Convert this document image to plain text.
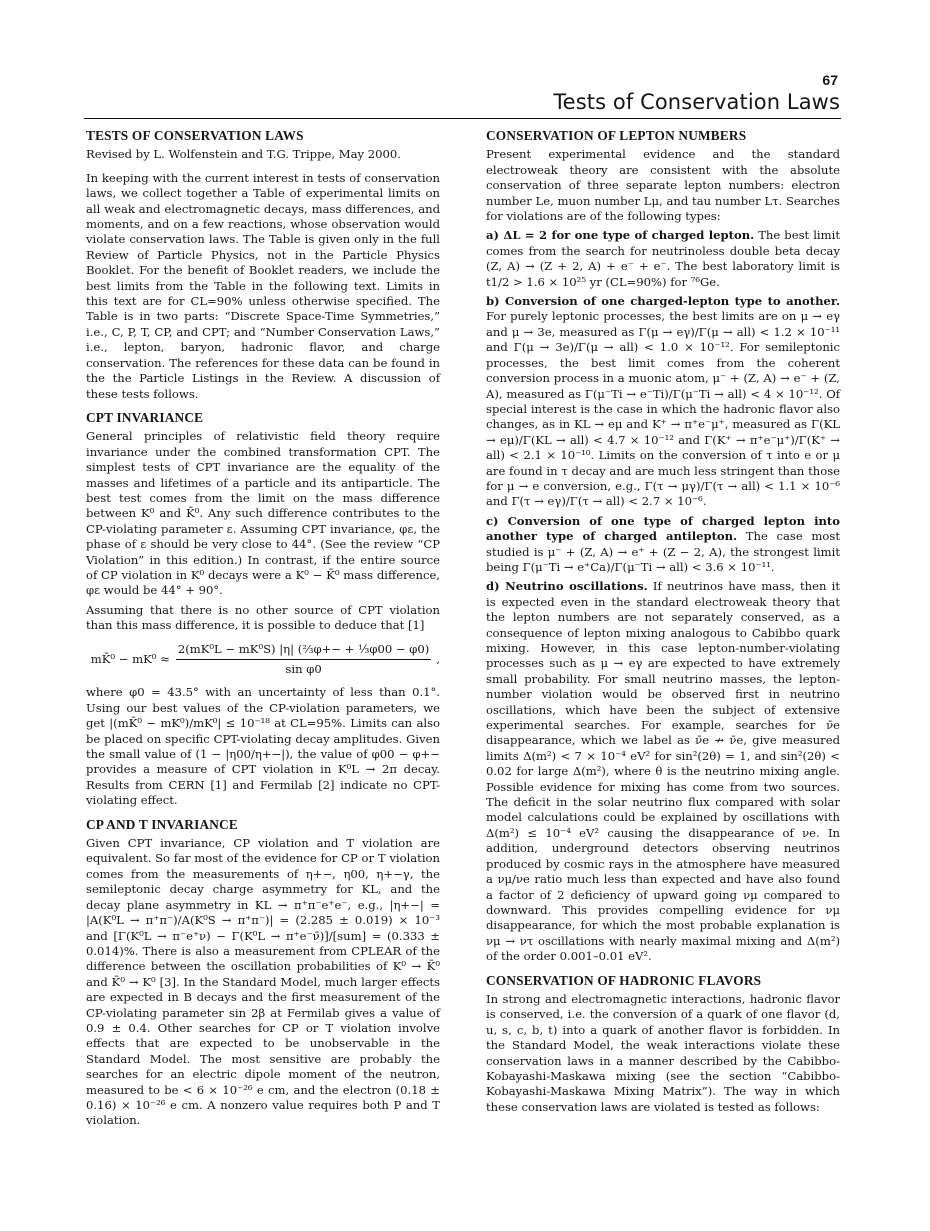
67
Tests of Conservation Laws
TESTS OF CONSERVATION LAWS

Revised by L. Wolfenstein and T.G. Trippe, May 2000.

In keeping with the current interest in tests of conservation laws, we collect together a Table of experimental limits on all weak and electromagnetic decays, mass differences, and moments, and on a few reactions, whose observation would violate conservation laws. The Table is given only in the full Review of Particle Physics, not in the Particle Physics Booklet. For the benefit of Booklet readers, we include the best limits from the Table in the following text. Limits in this text are for CL=90% unless otherwise specified. The Table is in two parts: “Discrete Space-Time Symmetries,” i.e., C, P, T, CP, and CPT; and “Number Conservation Laws,” i.e., lepton, baryon, hadronic flavor, and charge conservation. The references for these data can be found in the the Particle Listings in the Review. A discussion of these tests follows.

CPT INVARIANCE

General principles of relativistic field theory require invariance under the combined transformation CPT. The simplest tests of CPT invariance are the equality of the masses and lifetimes of a particle and its antiparticle. The best test comes from the limit on the mass difference between K⁰ and K̄⁰. Any such difference contributes to the CP-violating parameter ε. Assuming CPT invariance, φε, the phase of ε should be very close to 44°. (See the review “CP Violation” in this edition.) In contrast, if the entire source of CP violation in K⁰ decays were a K⁰ − K̄⁰ mass difference, φε would be 44° + 90°.

Assuming that there is no other source of CPT violation than this mass difference, it is possible to deduce that [1]

mK̄⁰ − $mK^0 \approx \frac{\text{2(mK⁰L − mK⁰S) |η| (⅔φ+− + ⅓φ00 − φ0)}}{\text{sin φ0}}$ ,

where φ0 = 43.5° with an uncertainty of less than 0.1°. Using our best values of the CP-violation parameters, we get |(mK̄⁰ − mK⁰)/mK⁰| ≤ 10⁻¹⁸ at CL=95%. Limits can also be placed on specific CPT-violating decay amplitudes. Given the small value of (1 − |η00/η+−|), the value of φ00 − φ+− provides a measure of CPT violation in K⁰L → 2π decay. Results from CERN [1] and Fermilab [2] indicate no CPT-violating effect.

CP AND T INVARIANCE

Given CPT invariance, CP violation and T violation are equivalent. So far most of the evidence for CP or T violation comes from the measurements of η+−, η00, η+−γ, the semileptonic decay charge asymmetry for KL, and the decay plane asymmetry in KL → π⁺π⁻e⁺e⁻, e.g., |η+−| = |A(K⁰L → π⁺π⁻)/A(K⁰S → π⁺π⁻)| = (2.285 ± 0.019) × 10⁻³ and [Γ(K⁰L → π⁻e⁺ν) − Γ(K⁰L → π⁺e⁻ν̄)]/[sum] = (0.333 ± 0.014)%. There is also a measurement from CPLEAR of the difference between the oscillation probabilities of K⁰ → K̄⁰ and K̄⁰ → K⁰ [3]. In the Standard Model, much larger effects are expected in B decays and the first measurement of the CP-violating parameter sin 2β at Fermilab gives a value of 0.9 ± 0.4. Other searches for CP or T violation involve effects that are expected to be unobservable in the Standard Model. The most sensitive are probably the searches for an electric dipole moment of the neutron, measured to be < 6 × 10⁻²⁶ e cm, and the electron (0.18 ± 0.16) × 10⁻²⁶ e cm. A nonzero value requires both P and T violation.

CONSERVATION OF LEPTON NUMBERS

Present experimental evidence and the standard electroweak theory are consistent with the absolute conservation of three separate lepton numbers: electron number Le, muon number Lμ, and tau number Lτ. Searches for violations are of the following types:

a) ΔL = 2 for one type of charged lepton. The best limit comes from the search for neutrinoless double beta decay (Z, A) → (Z + 2, A) + e⁻ + e⁻. The best laboratory limit is t1/2 > 1.6 × 10²⁵ yr (CL=90%) for ⁷⁶Ge.

b) Conversion of one charged-lepton type to another. For purely leptonic processes, the best limits are on μ → eγ and μ → 3e, measured as Γ(μ → eγ)/Γ(μ → all) < 1.2 × 10⁻¹¹ and Γ(μ → 3e)/Γ(μ → all) < 1.0 × 10⁻¹². For semileptonic processes, the best limit comes from the coherent conversion process in a muonic atom, μ⁻ + (Z, A) → e⁻ + (Z, A), measured as Γ(μ⁻Ti → e⁻Ti)/Γ(μ⁻Ti → all) < 4 × 10⁻¹². Of special interest is the case in which the hadronic flavor also changes, as in KL → eμ and K⁺ → π⁺e⁻μ⁺, measured as Γ(KL → eμ)/Γ(KL → all) < 4.7 × 10⁻¹² and Γ(K⁺ → π⁺e⁻μ⁺)/Γ(K⁺ → all) < 2.1 × 10⁻¹⁰. Limits on the conversion of τ into e or μ are found in τ decay and are much less stringent than those for μ → e conversion, e.g., Γ(τ → μγ)/Γ(τ → all) < 1.1 × 10⁻⁶ and Γ(τ → eγ)/Γ(τ → all) < 2.7 × 10⁻⁶.

c) Conversion of one type of charged lepton into another type of charged antilepton. The case most studied is μ⁻ + (Z, A) → e⁺ + (Z − 2, A), the strongest limit being Γ(μ⁻Ti → e⁺Ca)/Γ(μ⁻Ti → all) < 3.6 × 10⁻¹¹.

d) Neutrino oscillations. If neutrinos have mass, then it is expected even in the standard electroweak theory that the lepton numbers are not separately conserved, as a consequence of lepton mixing analogous to Cabibbo quark mixing. However, in this case lepton-number-violating processes such as μ → eγ are expected to have extremely small probability. For small neutrino masses, the lepton-number violation would be observed first in neutrino oscillations, which have been the subject of extensive experimental searches. For example, searches for ν̄e disappearance, which we label as ν̄e ↛ ν̄e, give measured limits Δ(m²) < 7 × 10⁻⁴ eV² for sin²(2θ) = 1, and sin²(2θ) < 0.02 for large Δ(m²), where θ is the neutrino mixing angle. Possible evidence for mixing has come from two sources. The deficit in the solar neutrino flux compared with solar model calculations could be explained by oscillations with Δ(m²) ≤ 10⁻⁴ eV² causing the disappearance of νe. In addition, underground detectors observing neutrinos produced by cosmic rays in the atmosphere have measured a νμ/νe ratio much less than expected and have also found a factor of 2 deficiency of upward going νμ compared to downward. This provides compelling evidence for νμ disappearance, for which the most probable explanation is νμ → ντ oscillations with nearly maximal mixing and Δ(m²) of the order 0.001–0.01 eV².

CONSERVATION OF HADRONIC FLAVORS

In strong and electromagnetic interactions, hadronic flavor is conserved, i.e. the conversion of a quark of one flavor (d, u, s, c, b, t) into a quark of another flavor is forbidden. In the Standard Model, the weak interactions violate these conservation laws in a manner described by the Cabibbo-Kobayashi-Maskawa mixing (see the section “Cabibbo-Kobayashi-Maskawa Mixing Matrix”). The way in which these conservation laws are violated is tested as follows:
